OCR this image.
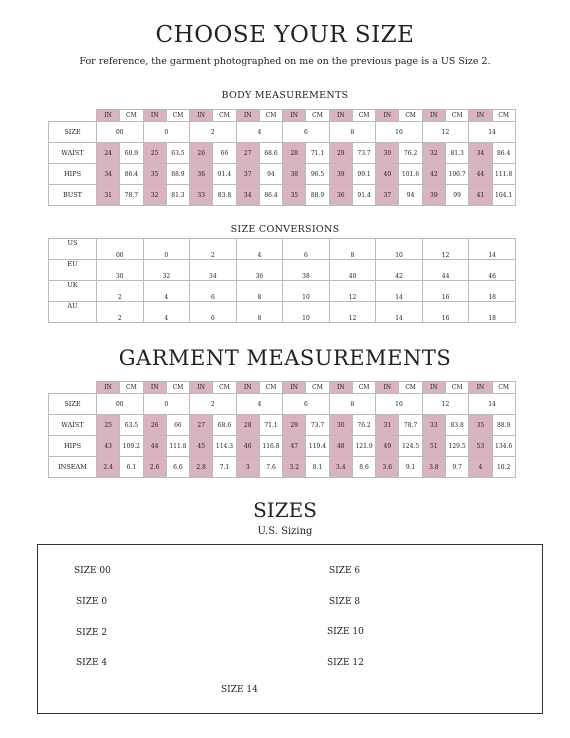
CHOOSE YOUR SIZE
For reference, the garment photographed on me on the previous page is a US Size 2.
BODY MEASUREMENTS
	IN	CM	IN	CM	IN	CM	IN	CM	IN	CM	IN	CM	IN	CM	IN	CM	IN	CM
SIZE	00		0		2		4		6		8		10		12		14	
WAIST	24	60.9	25	63.5	26	66	27	68.6	28	71.1	29	73.7	30	76.2	32	81.3	34	86.4
HIPS	34	86.4	35	88.9	36	91.4	37	94	38	96.5	39	99.1	40	101.6	42	106.7	44	111.8
BUST	31	78.7	32	81.3	33	83.8	34	86.4	35	88.9	36	91.4	37	94	39	99	41	104.1
SIZE CONVERSIONS
US	00	0	2	4	6	8	10	12	14
EU	30	32	34	36	38	40	42	44	46
UK	2	4	6	8	10	12	14	16	18
AU	2	4	6	8	10	12	14	16	18
GARMENT MEASUREMENTS
	IN	CM	IN	CM	IN	CM	IN	CM	IN	CM	IN	CM	IN	CM	IN	CM	IN	CM
SIZE	00		0		2		4		6		8		10		12		14	
WAIST	25	63.5	26	66	27	68.6	28	71.1	29	73.7	30	76.2	31	78.7	33	83.8	35	88.9
HIPS	43	109.2	44	111.8	45	114.3	46	116.8	47	119.4	48	121.9	49	124.5	51	129.5	53	134.6
INSEAM	2.4	6.1	2.6	6.6	2.8	7.1	3	7.6	3.2	8.1	3.4	8.6	3.6	9.1	3.8	9.7	4	10.2
SIZES
U.S. Sizing
SIZE 00
SIZE 0
SIZE 2
SIZE 4
SIZE 6
SIZE 8
SIZE 10
SIZE 12
SIZE 14
